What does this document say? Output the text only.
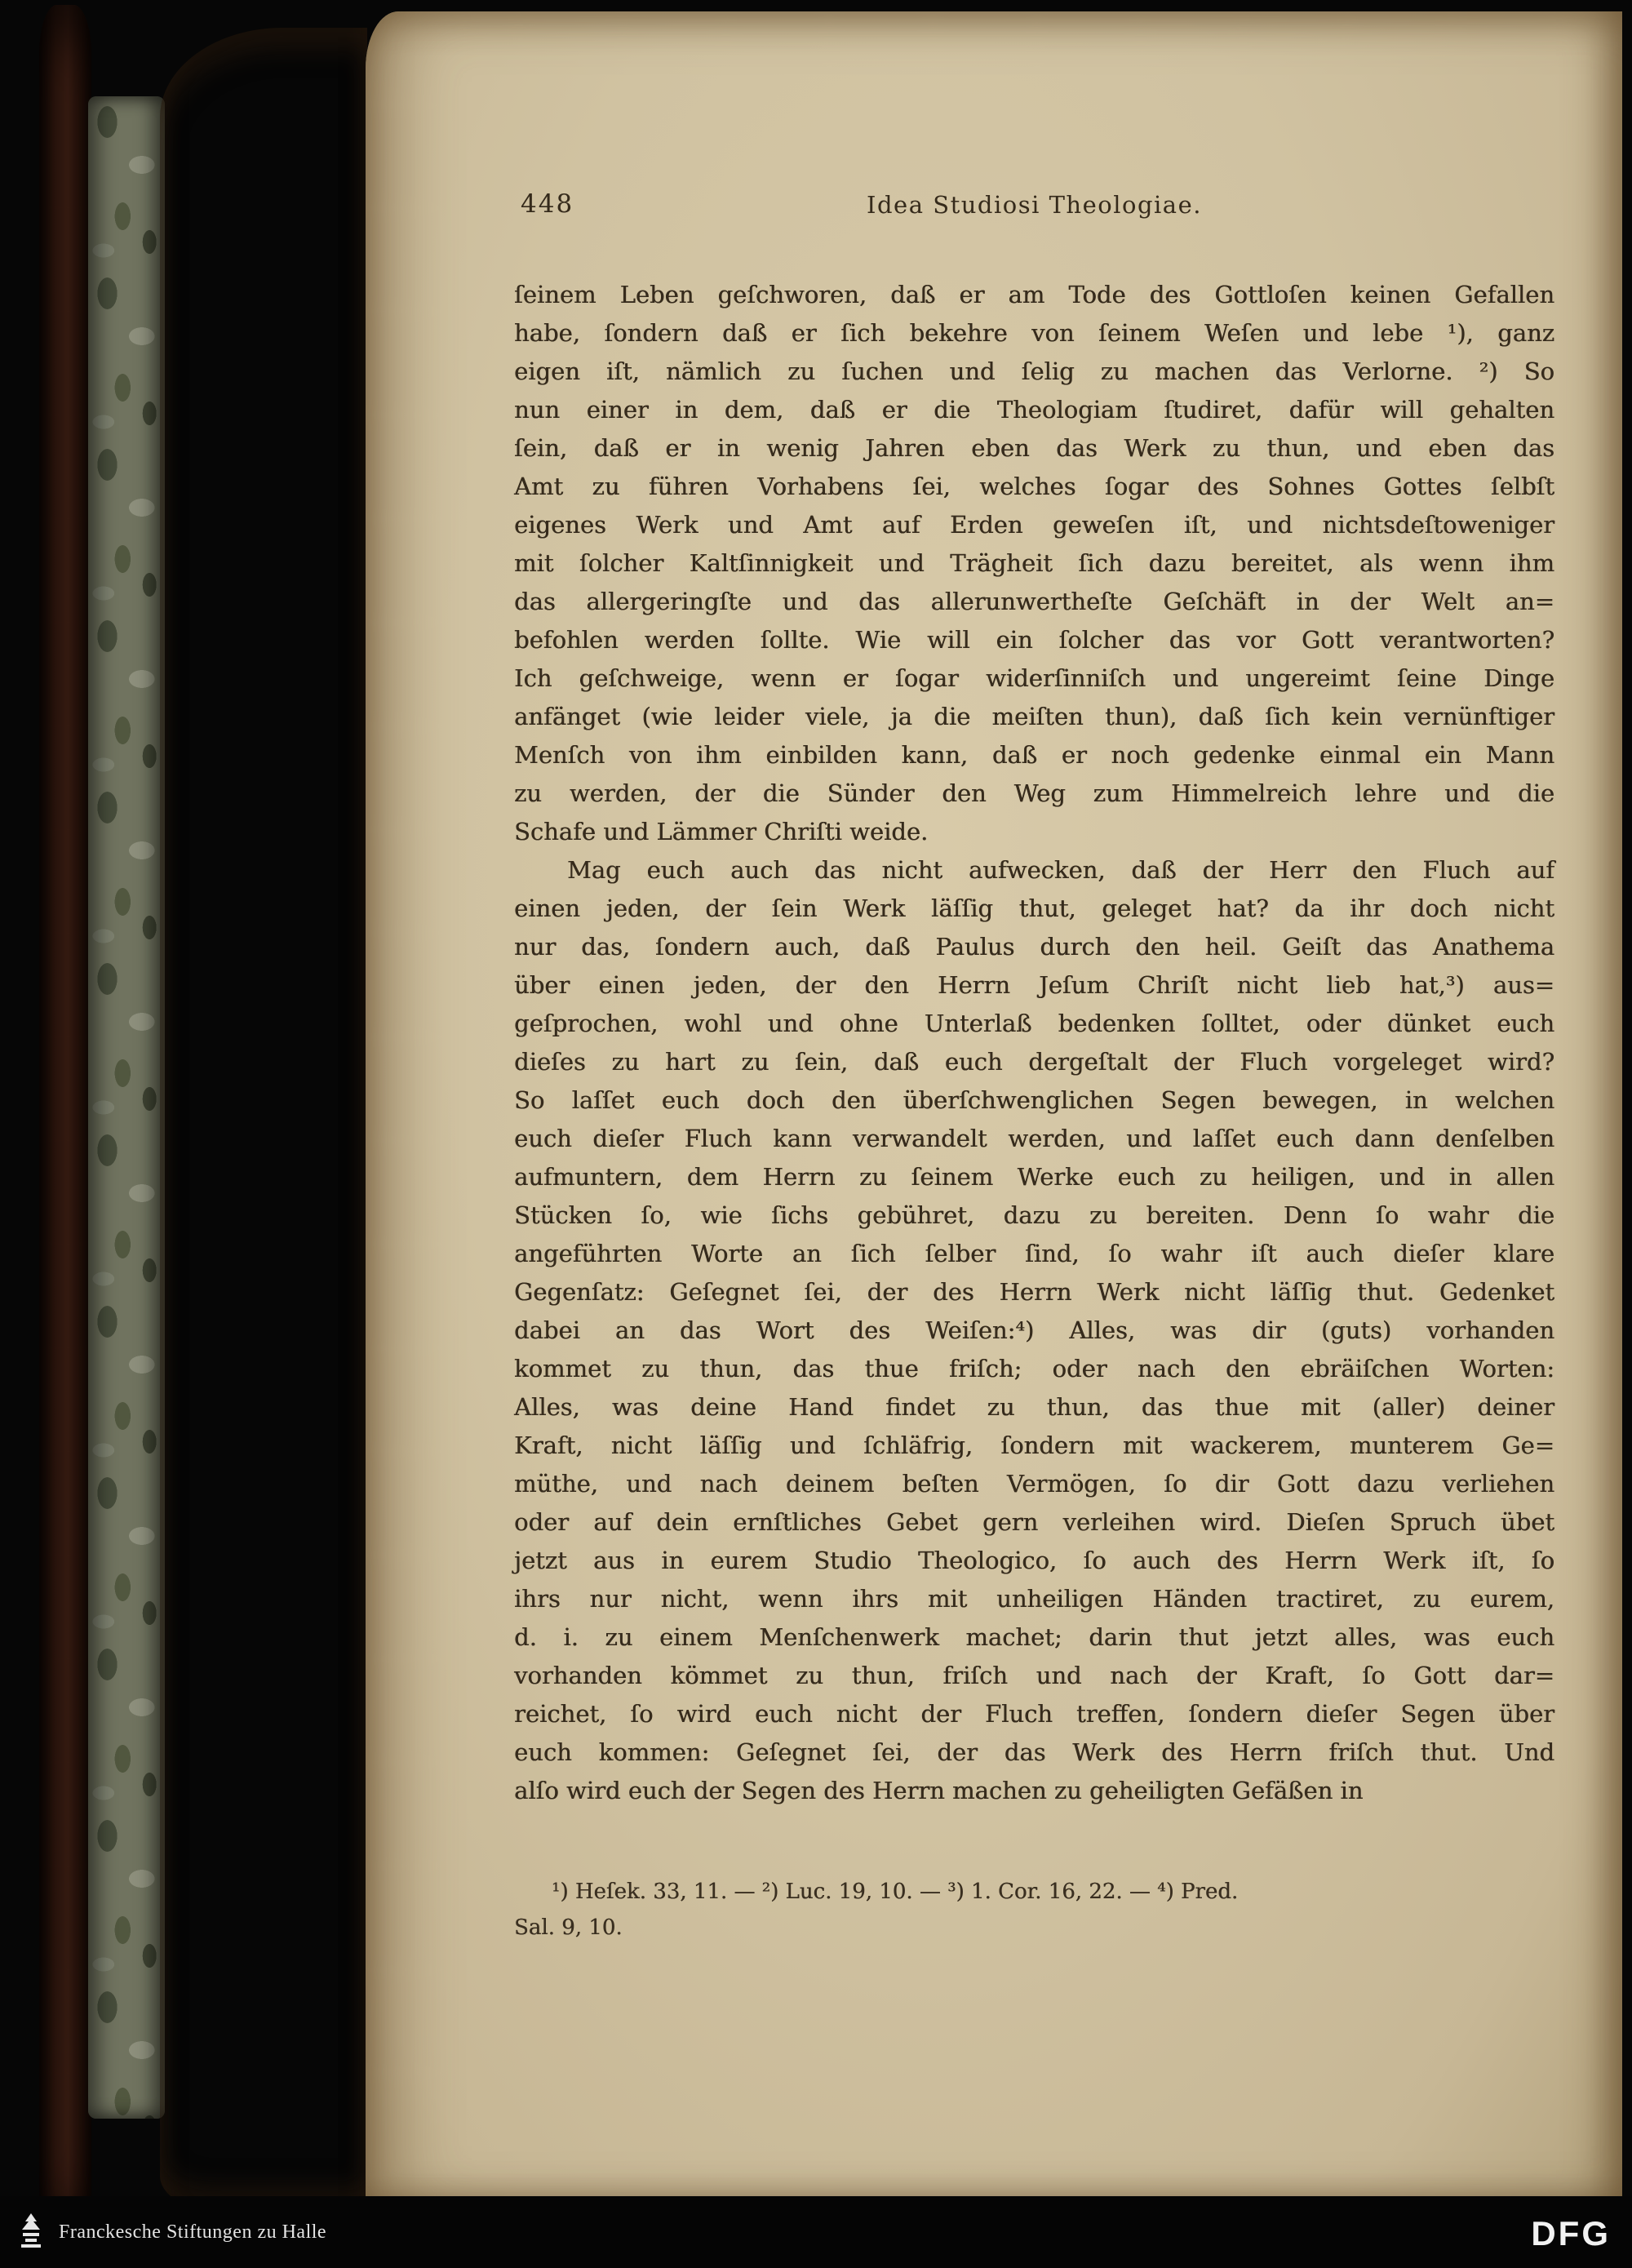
448	Idea Studiosi Theologiae.
ſeinem Leben geſchworen, daß er am Tode des Gottloſen keinen Gefallen
habe, ſondern daß er ſich bekehre von ſeinem Weſen und lebe ¹), ganz
eigen iſt, nämlich zu ſuchen und ſelig zu machen das Verlorne. ²) So
nun einer in dem, daß er die Theologiam ſtudiret, dafür will gehalten
ſein, daß er in wenig Jahren eben das Werk zu thun, und eben das
Amt zu führen Vorhabens ſei, welches ſogar des Sohnes Gottes ſelbſt
eigenes Werk und Amt auf Erden geweſen iſt, und nichtsdeſtoweniger
mit ſolcher Kaltſinnigkeit und Trägheit ſich dazu bereitet, als wenn ihm
das allergeringſte und das allerunwertheſte Geſchäft in der Welt an=
befohlen werden ſollte. Wie will ein ſolcher das vor Gott verantworten?
Ich geſchweige, wenn er ſogar widerſinniſch und ungereimt ſeine Dinge
anfänget (wie leider viele, ja die meiſten thun), daß ſich kein vernünftiger
Menſch von ihm einbilden kann, daß er noch gedenke einmal ein Mann
zu werden, der die Sünder den Weg zum Himmelreich lehre und die
Schafe und Lämmer Chriſti weide.
Mag euch auch das nicht aufwecken, daß der Herr den Fluch auf
einen jeden, der ſein Werk läſſig thut, geleget hat? da ihr doch nicht
nur das, ſondern auch, daß Paulus durch den heil. Geiſt das Anathema
über einen jeden, der den Herrn Jeſum Chriſt nicht lieb hat,³) aus=
geſprochen, wohl und ohne Unterlaß bedenken ſolltet, oder dünket euch
dieſes zu hart zu ſein, daß euch dergeſtalt der Fluch vorgeleget wird?
So laſſet euch doch den überſchwenglichen Segen bewegen, in welchen
euch dieſer Fluch kann verwandelt werden, und laſſet euch dann denſelben
aufmuntern, dem Herrn zu ſeinem Werke euch zu heiligen, und in allen
Stücken ſo, wie ſichs gebühret, dazu zu bereiten. Denn ſo wahr die
angeführten Worte an ſich ſelber ſind, ſo wahr iſt auch dieſer klare
Gegenſatz: Geſegnet ſei, der des Herrn Werk nicht läſſig thut. Gedenket
dabei an das Wort des Weiſen:⁴) Alles, was dir (guts) vorhanden
kommet zu thun, das thue friſch; oder nach den ebräiſchen Worten:
Alles, was deine Hand findet zu thun, das thue mit (aller) deiner
Kraft, nicht läſſig und ſchläfrig, ſondern mit wackerem, munterem Ge=
müthe, und nach deinem beſten Vermögen, ſo dir Gott dazu verliehen
oder auf dein ernſtliches Gebet gern verleihen wird. Dieſen Spruch übet
jetzt aus in eurem Studio Theologico, ſo auch des Herrn Werk iſt, ſo
ihrs nur nicht, wenn ihrs mit unheiligen Händen tractiret, zu eurem,
d. i. zu einem Menſchenwerk machet; darin thut jetzt alles, was euch
vorhanden kömmet zu thun, friſch und nach der Kraft, ſo Gott dar=
reichet, ſo wird euch nicht der Fluch treffen, ſondern dieſer Segen über
euch kommen: Geſegnet ſei, der das Werk des Herrn friſch thut. Und
alſo wird euch der Segen des Herrn machen zu geheiligten Gefäßen in
¹) Heſek. 33, 11. — ²) Luc. 19, 10. — ³) 1. Cor. 16, 22. — ⁴) Pred.
Sal. 9, 10.
Franckesche Stiftungen zu Halle	DFG
